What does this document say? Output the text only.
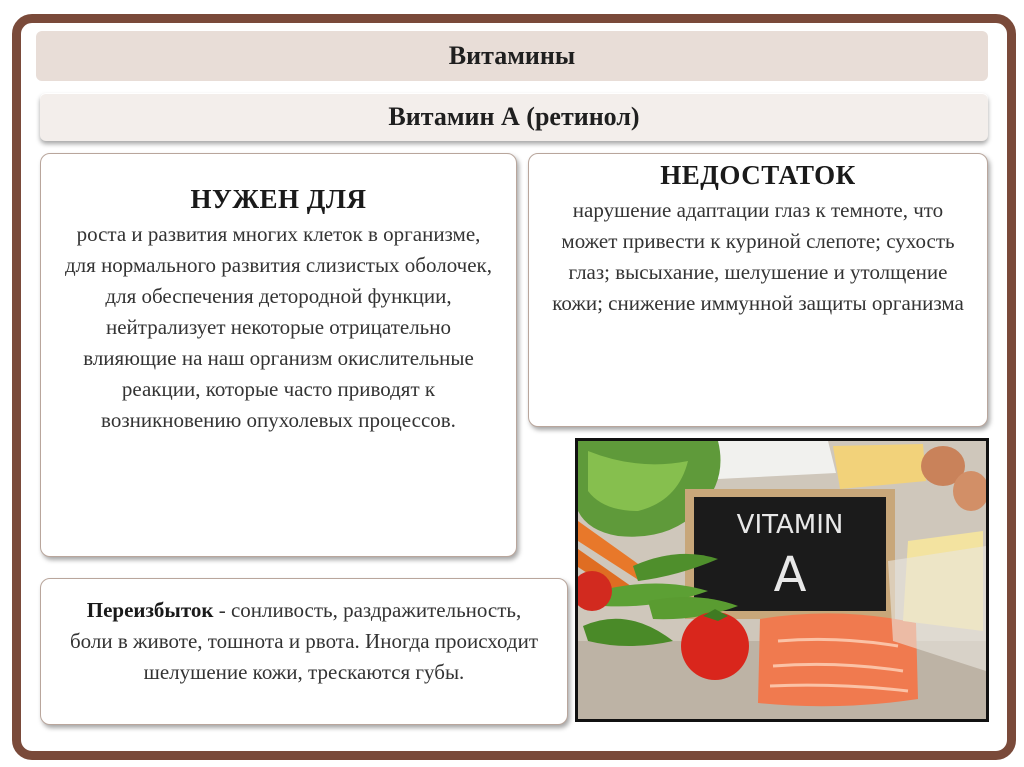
Витамины
Витамин А (ретинол)
НУЖЕН ДЛЯ
роста и развития многих клеток в организме, для нормального развития слизистых оболочек, для обеспечения детородной функции, нейтрализует некоторые отрицательно влияющие на наш организм окислительные реакции, которые часто приводят к возникновению опухолевых процессов.
НЕДОСТАТОК
нарушение адаптации глаз к темноте, что может привести к куриной слепоте; сухость глаз; высыхание, шелушение и утолщение кожи; снижение иммунной защиты организма
Переизбыток - сонливость, раздражительность, боли в животе, тошнота и рвота. Иногда происходит шелушение кожи, трескаются губы.
VITAMIN
A
